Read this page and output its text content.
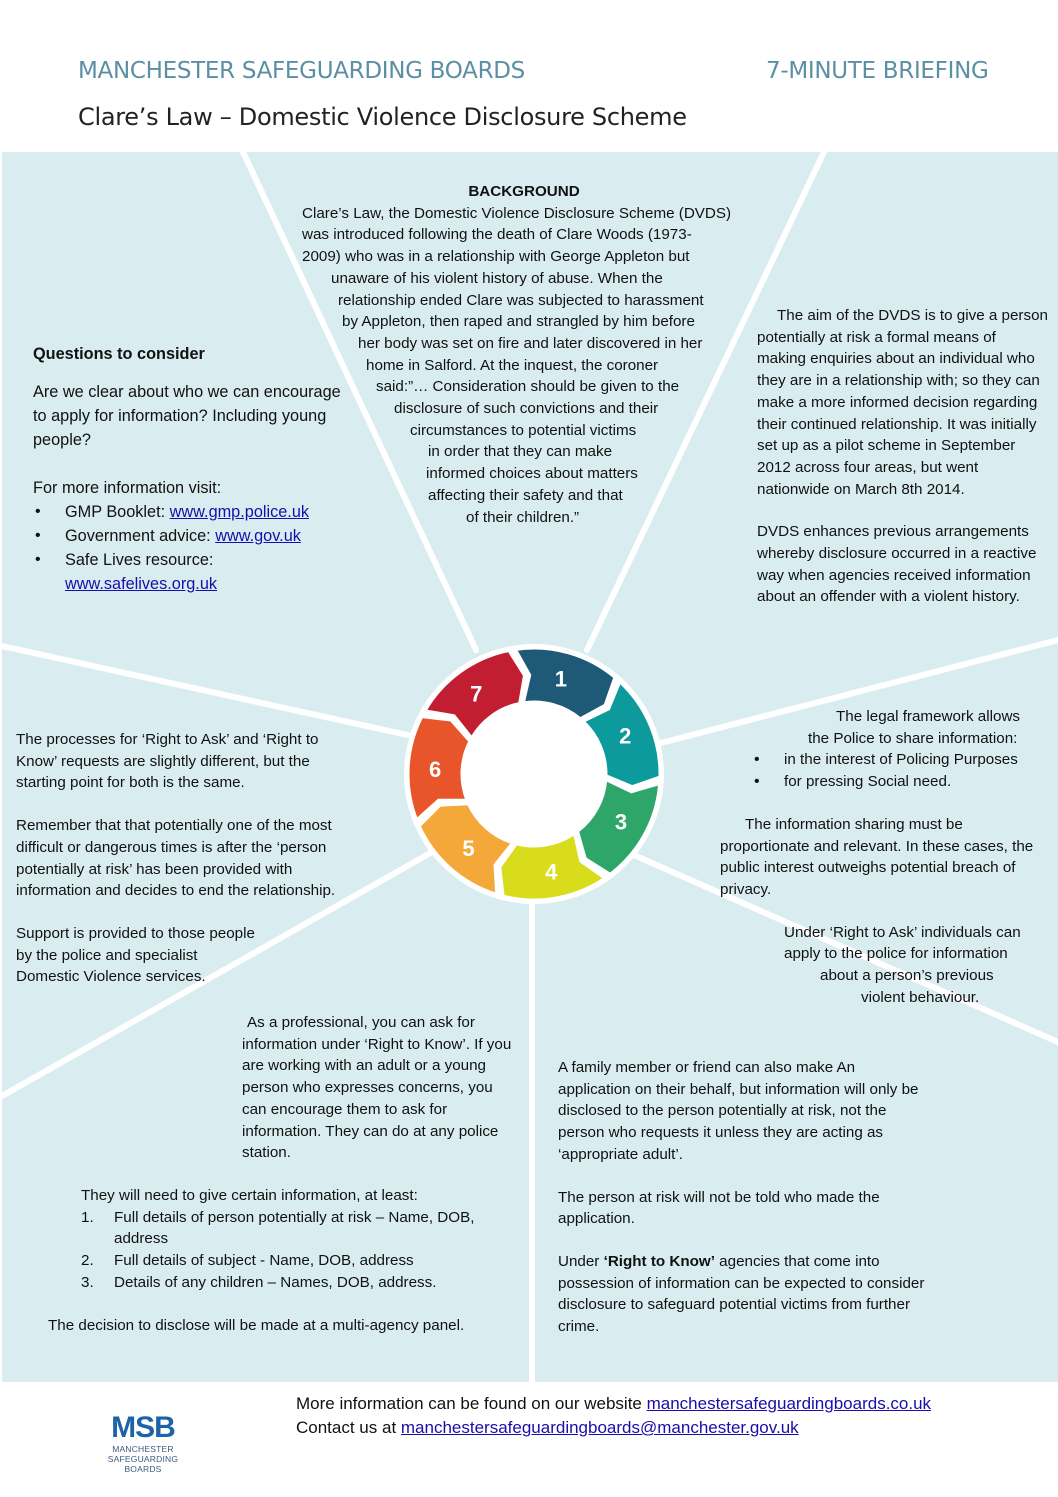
MANCHESTER SAFEGUARDING BOARDS	7-MINUTE BRIEFING
Clare’s Law – Domestic Violence Disclosure Scheme
1
2
3
4
5
6
7

BACKGROUND

Clare’s Law, the Domestic Violence Disclosure Scheme (DVDS)
was introduced following the death of Clare Woods (1973-
2009) who was in a relationship with George Appleton but
unaware of his violent history of abuse. When the
relationship ended Clare was subjected to harassment
by Appleton, then raped and strangled by him before
her body was set on fire and later discovered in her
home in Salford. At the inquest, the coroner
said:”… Consideration should be given to the
disclosure of such convictions and their
circumstances to potential victims
in order that they can make
informed choices about matters
affecting their safety and that
of their children.”

Questions to consider

Are we clear about who we can encourage to apply for information? Including young people?

For more information visit:

• GMP Booklet: www.gmp.police.uk
• Government advice: www.gov.uk
• Safe Lives resource:
www.safelives.org.uk

The aim of the DVDS is to give a person potentially at risk a formal means of making enquiries about an individual who they are in a relationship with; so they can make a more informed decision regarding their continued relationship. It was initially set up as a pilot scheme in September 2012 across four areas, but went nationwide on March 8th 2014.

DVDS enhances previous arrangements whereby disclosure occurred in a reactive way when agencies received information about an offender with a violent history.

The legal framework allows

the Police to share information:

• in the interest of Policing Purposes
• for pressing Social need.

The information sharing must be proportionate and relevant. In these cases, the public interest outweighs potential breach of privacy.

Under ‘Right to Ask’ individuals can

apply to the police for information

about a person’s previous

violent behaviour.

The processes for ‘Right to Ask’ and ‘Right to Know’ requests are slightly different, but the starting point for both is the same.

Remember that that potentially one of the most difficult or dangerous times is after the ‘person potentially at risk’ has been provided with information and decides to end the relationship.

Support is provided to those people

by the police and specialist

Domestic Violence services.

As a professional, you can ask for information under ‘Right to Know’. If you are working with an adult or a young person who expresses concerns, you can encourage them to ask for information. They can do at any police station.

They will need to give certain information, at least:

1. Full details of person potentially at risk – Name, DOB, address
2. Full details of subject - Name, DOB, address
3. Details of any children – Names, DOB, address.

The decision to disclose will be made at a multi-agency panel.

A family member or friend can also make An application on their behalf, but information will only be disclosed to the person potentially at risk, not the person who requests it unless they are acting as ‘appropriate adult’.

The person at risk will not be told who made the application.

Under ‘Right to Know’ agencies that come into possession of information can be expected to consider disclosure to safeguard potential victims from further crime.

MSB
MANCHESTER SAFEGUARDING
BOARDS
More information can be found on our website manchestersafeguardingboards.co.uk
Contact us at manchestersafeguardingboards@manchester.gov.uk
